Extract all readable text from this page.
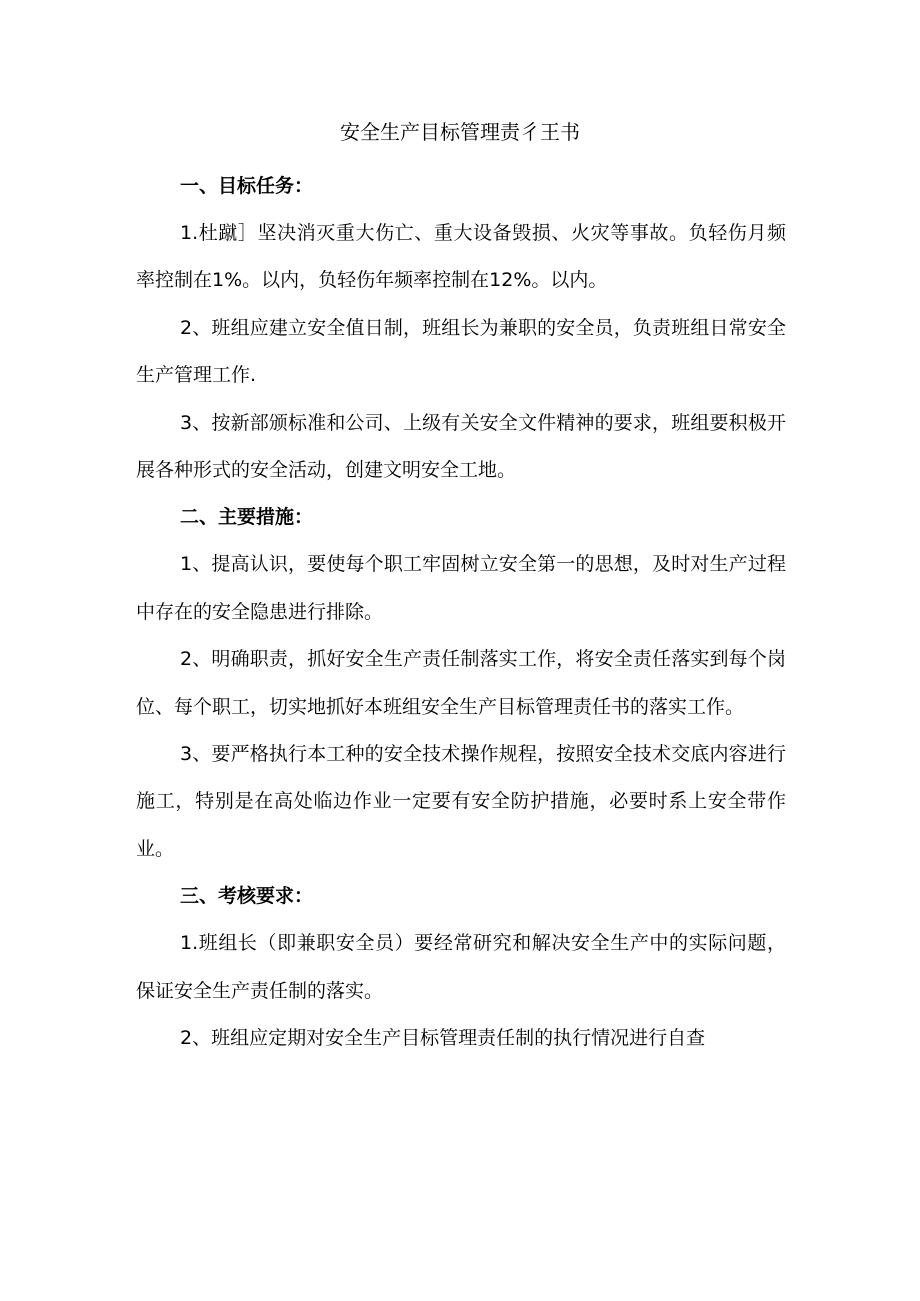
安全生产目标管理责彳王书

一、目标任务：

1.杜蹴］坚决消灭重大伤亡、重大设备毁损、火灾等事故。负轻伤月频率控制在1%。以内，负轻伤年频率控制在12%。以内。

2、班组应建立安全值日制，班组长为兼职的安全员，负责班组日常安全生产管理工作.

3、按新部颁标准和公司、上级有关安全文件精神的要求，班组要积极开展各种形式的安全活动，创建文明安全工地。

二、主要措施：

1、提高认识，要使每个职工牢固树立安全第一的思想，及时对生产过程中存在的安全隐患进行排除。

2、明确职责，抓好安全生产责任制落实工作，将安全责任落实到每个岗位、每个职工，切实地抓好本班组安全生产目标管理责任书的落实工作。

3、要严格执行本工种的安全技术操作规程，按照安全技术交底内容进行施工，特别是在高处临边作业一定要有安全防护措施，必要时系上安全带作业。

三、考核要求：

1.班组长（即兼职安全员）要经常研究和解决安全生产中的实际问题，保证安全生产责任制的落实。

2、班组应定期对安全生产目标管理责任制的执行情况进行自查
